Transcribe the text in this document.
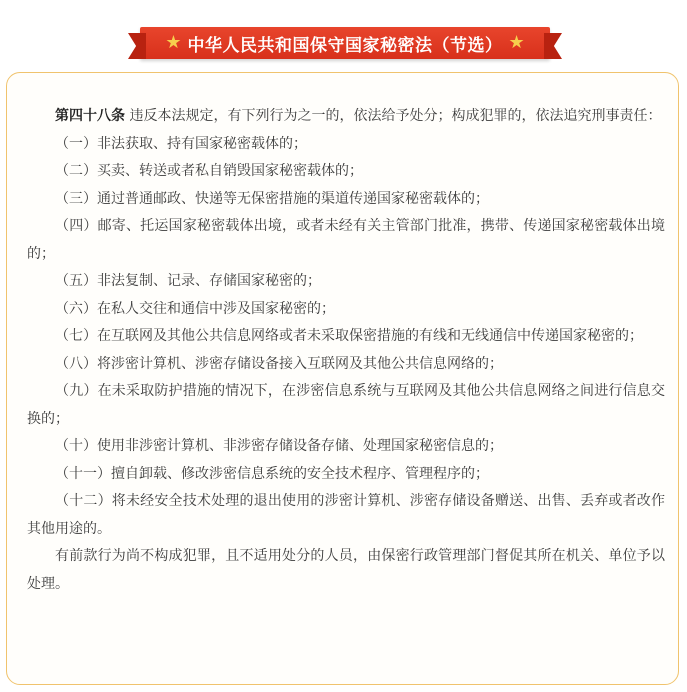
★ 中华人民共和国保守国家秘密法（节选） ★

第四十八条 违反本法规定，有下列行为之一的，依法给予处分；构成犯罪的，依法追究刑事责任：

（一）非法获取、持有国家秘密载体的；

（二）买卖、转送或者私自销毁国家秘密载体的；

（三）通过普通邮政、快递等无保密措施的渠道传递国家秘密载体的；

（四）邮寄、托运国家秘密载体出境，或者未经有关主管部门批准，携带、传递国家秘密载体出境的；

（五）非法复制、记录、存储国家秘密的；

（六）在私人交往和通信中涉及国家秘密的；

（七）在互联网及其他公共信息网络或者未采取保密措施的有线和无线通信中传递国家秘密的；

（八）将涉密计算机、涉密存储设备接入互联网及其他公共信息网络的；

（九）在未采取防护措施的情况下，在涉密信息系统与互联网及其他公共信息网络之间进行信息交换的；

（十）使用非涉密计算机、非涉密存储设备存储、处理国家秘密信息的；

（十一）擅自卸载、修改涉密信息系统的安全技术程序、管理程序的；

（十二）将未经安全技术处理的退出使用的涉密计算机、涉密存储设备赠送、出售、丢弃或者改作其他用途的。

有前款行为尚不构成犯罪，且不适用处分的人员，由保密行政管理部门督促其所在机关、单位予以处理。
